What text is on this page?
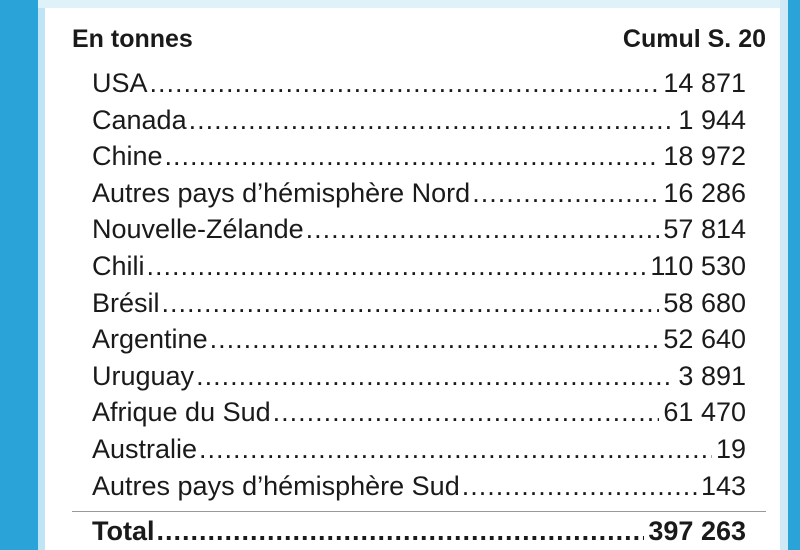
En tonnes	Cumul S. 20
USA .....	14 871
Canada .....	1 944
Chine .....	18 972
Autres pays d’hémisphère Nord .....	16 286
Nouvelle-Zélande .....	57 814
Chili .....	110 530
Brésil .....	58 680
Argentine .....	52 640
Uruguay .....	3 891
Afrique du Sud .....	61 470
Australie .....	19
Autres pays d’hémisphère Sud .....	143
Total .....	397 263
